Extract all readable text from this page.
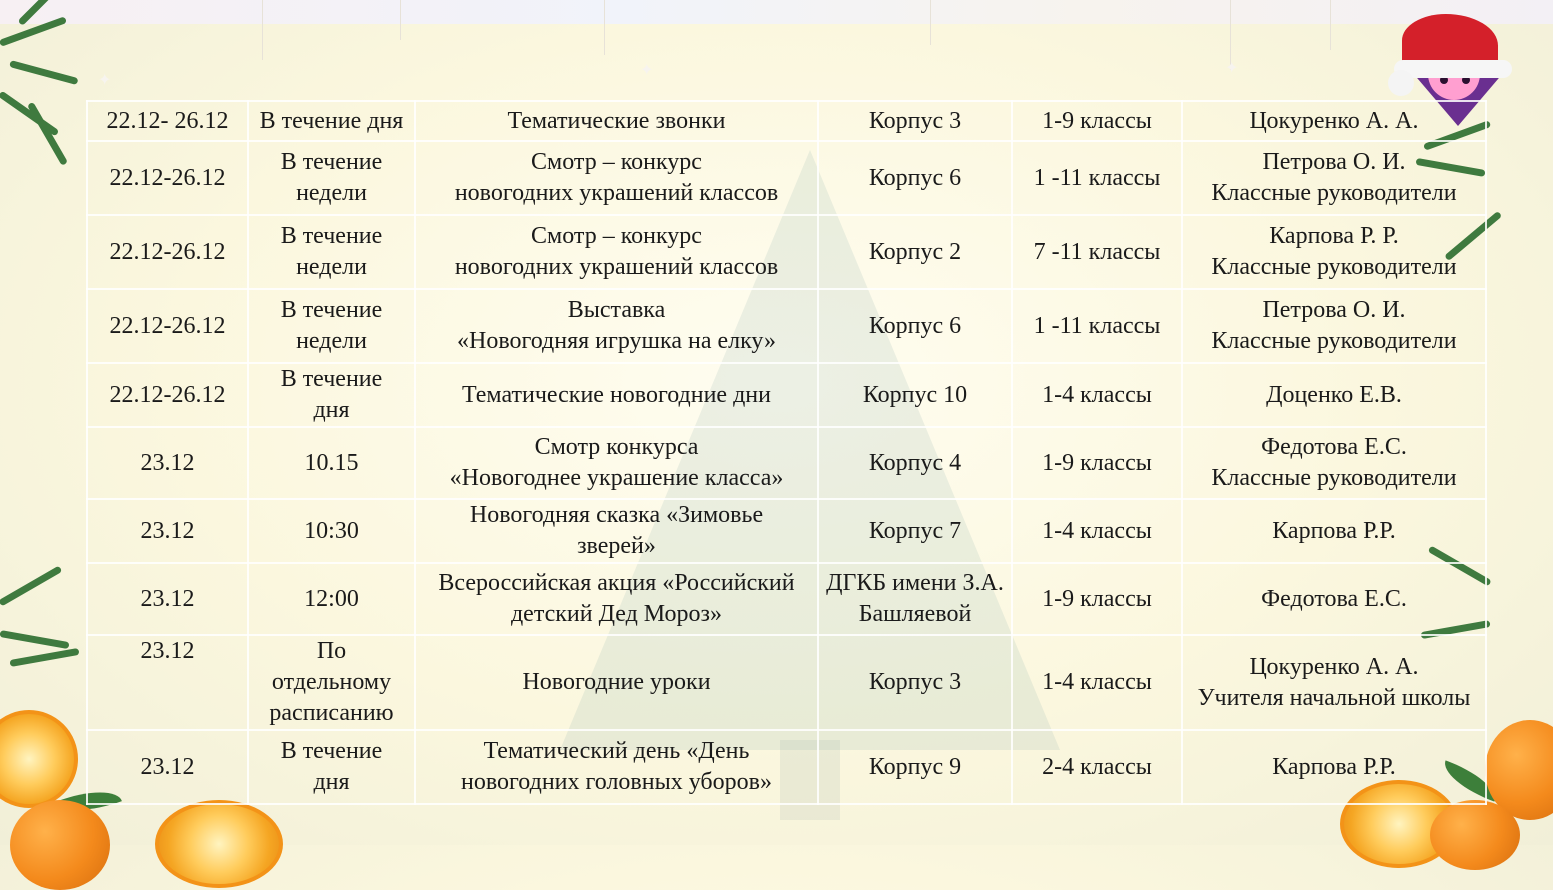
✦
✦
✦
22.12- 26.12	В течение дня	Тематические звонки	Корпус 3	1-9 классы	Цокуренко А. А.

22.12-26.12	В течение
недели	Смотр – конкурс
новогодних украшений классов	Корпус 6	1 -11 классы	Петрова О. И.
Классные руководители

22.12-26.12	В течение
недели	Смотр – конкурс
новогодних украшений классов	Корпус 2	7 -11 классы	Карпова Р. Р.
Классные руководители

22.12-26.12	В течение
недели	Выставка
«Новогодняя игрушка на елку»	Корпус 6	1 -11 классы	Петрова О. И.
Классные руководители

22.12-26.12	В течение
дня	Тематические новогодние дни	Корпус 10	1-4 классы	Доценко Е.В.

23.12	10.15	Смотр конкурса
«Новогоднее украшение класса»	Корпус 4	1-9 классы	Федотова Е.С.
Классные руководители

23.12	10:30	Новогодняя сказка «Зимовье
зверей»	Корпус 7	1-4 классы	Карпова Р.Р.

23.12	12:00	Всероссийская акция «Российский
детский Дед Мороз»	ДГКБ имени З.А.
Башляевой	1-9 классы	Федотова Е.С.

23.12	По
отдельному
расписанию	Новогодние уроки	Корпус 3	1-4 классы	Цокуренко А. А.
Учителя начальной школы

23.12	В течение
дня	Тематический день «День
новогодних головных уборов»	Корпус 9	2-4 классы	Карпова Р.Р.
